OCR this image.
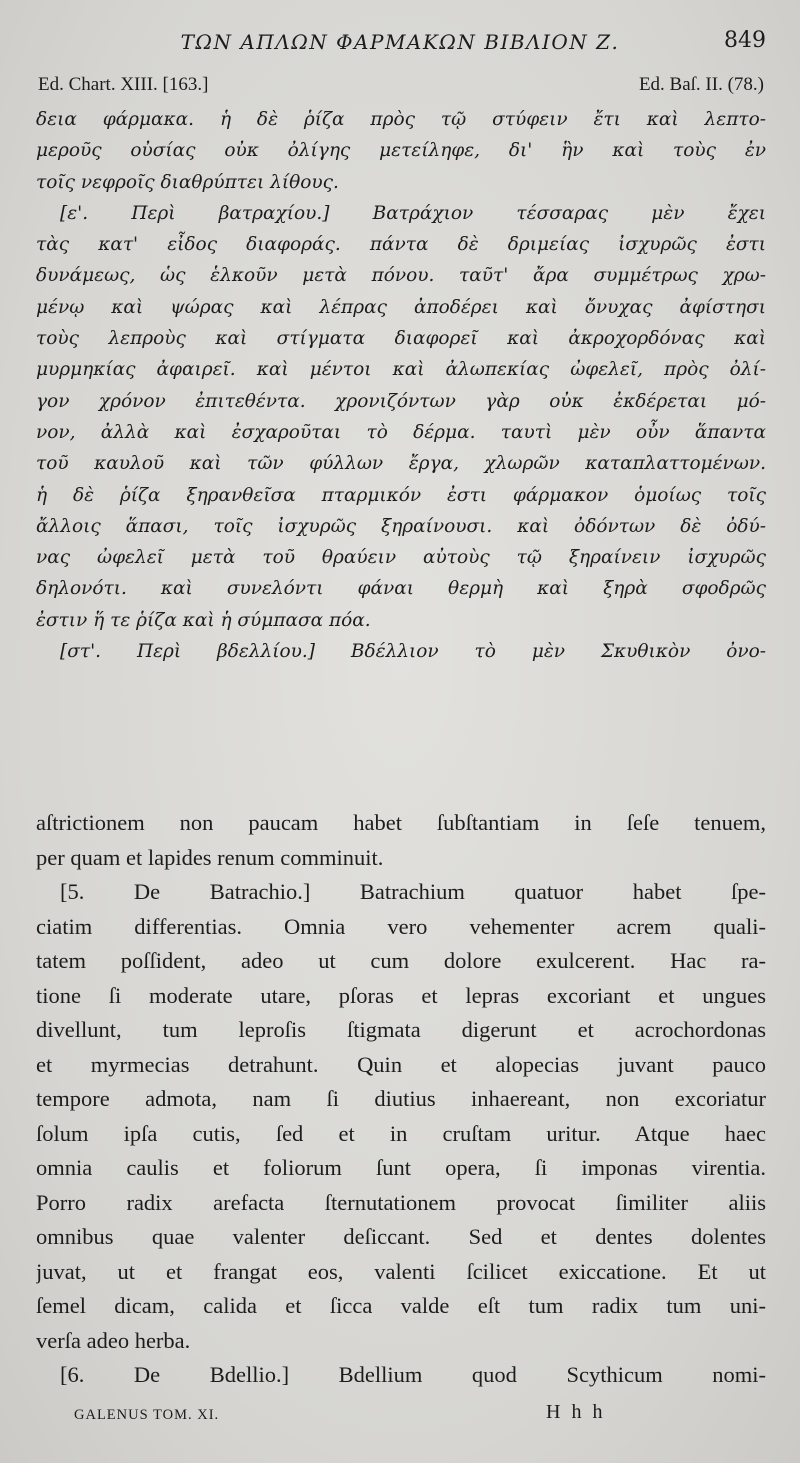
ΤΩΝ ΑΠΛΩΝ ΦΑΡΜΑΚΩΝ ΒΙΒΛΙΟΝ Ζ.	849
Ed. Chart. XIII. [163.]	Ed. Baſ. II. (78.)
δεια φάρμακα. ἡ δὲ ῥίζα πρὸς τῷ στύφειν ἔτι καὶ λεπτο-
μεροῦς οὐσίας οὐκ ὀλίγης μετείληφε, δι' ἣν καὶ τοὺς ἐν
τοῖς νεφροῖς διαθρύπτει λίθους.
[ε'. Περὶ βατραχίου.] Βατράχιον τέσσαρας μὲν ἔχει
τὰς κατ' εἶδος διαφοράς. πάντα δὲ δριμείας ἰσχυρῶς ἐστι
δυνάμεως, ὡς ἑλκοῦν μετὰ πόνου. ταῦτ' ἄρα συμμέτρως χρω-
μένῳ καὶ ψώρας καὶ λέπρας ἀποδέρει καὶ ὄνυχας ἀφίστησι
τοὺς λεπροὺς καὶ στίγματα διαφορεῖ καὶ ἀκροχορδόνας καὶ
μυρμηκίας ἀφαιρεῖ. καὶ μέντοι καὶ ἀλωπεκίας ὠφελεῖ, πρὸς ὀλί-
γον χρόνον ἐπιτεθέντα. χρονιζόντων γὰρ οὐκ ἐκδέρεται μό-
νον, ἀλλὰ καὶ ἐσχαροῦται τὸ δέρμα. ταυτὶ μὲν οὖν ἅπαντα
τοῦ καυλοῦ καὶ τῶν φύλλων ἔργα, χλωρῶν καταπλαττομένων.
ἡ δὲ ῥίζα ξηρανθεῖσα πταρμικόν ἐστι φάρμακον ὁμοίως τοῖς
ἄλλοις ἅπασι, τοῖς ἰσχυρῶς ξηραίνουσι. καὶ ὀδόντων δὲ ὀδύ-
νας ὠφελεῖ μετὰ τοῦ θραύειν αὐτοὺς τῷ ξηραίνειν ἰσχυρῶς
δηλονότι. καὶ συνελόντι φάναι θερμὴ καὶ ξηρὰ σφοδρῶς
ἐστιν ἥ τε ῥίζα καὶ ἡ σύμπασα πόα.
[στ'. Περὶ βδελλίου.] Βδέλλιον τὸ μὲν Σκυθικὸν ὀνο-
aſtrictionem non paucam habet ſubſtantiam in ſeſe tenuem,
per quam et lapides renum comminuit.
[5. De Batrachio.] Batrachium quatuor habet ſpe-
ciatim differentias. Omnia vero vehementer acrem quali-
tatem poſſident, adeo ut cum dolore exulcerent. Hac ra-
tione ſi moderate utare, pſoras et lepras excoriant et ungues
divellunt, tum leproſis ſtigmata digerunt et acrochordonas
et myrmecias detrahunt. Quin et alopecias juvant pauco
tempore admota, nam ſi diutius inhaereant, non excoriatur
ſolum ipſa cutis, ſed et in cruſtam uritur. Atque haec
omnia caulis et foliorum ſunt opera, ſi imponas virentia.
Porro radix arefacta ſternutationem provocat ſimiliter aliis
omnibus quae valenter deſiccant. Sed et dentes dolentes
juvat, ut et frangat eos, valenti ſcilicet exiccatione. Et ut
ſemel dicam, calida et ſicca valde eſt tum radix tum uni-
verſa adeo herba.
[6. De Bdellio.] Bdellium quod Scythicum nomi-
GALENUS TOM. XI.	H h h
